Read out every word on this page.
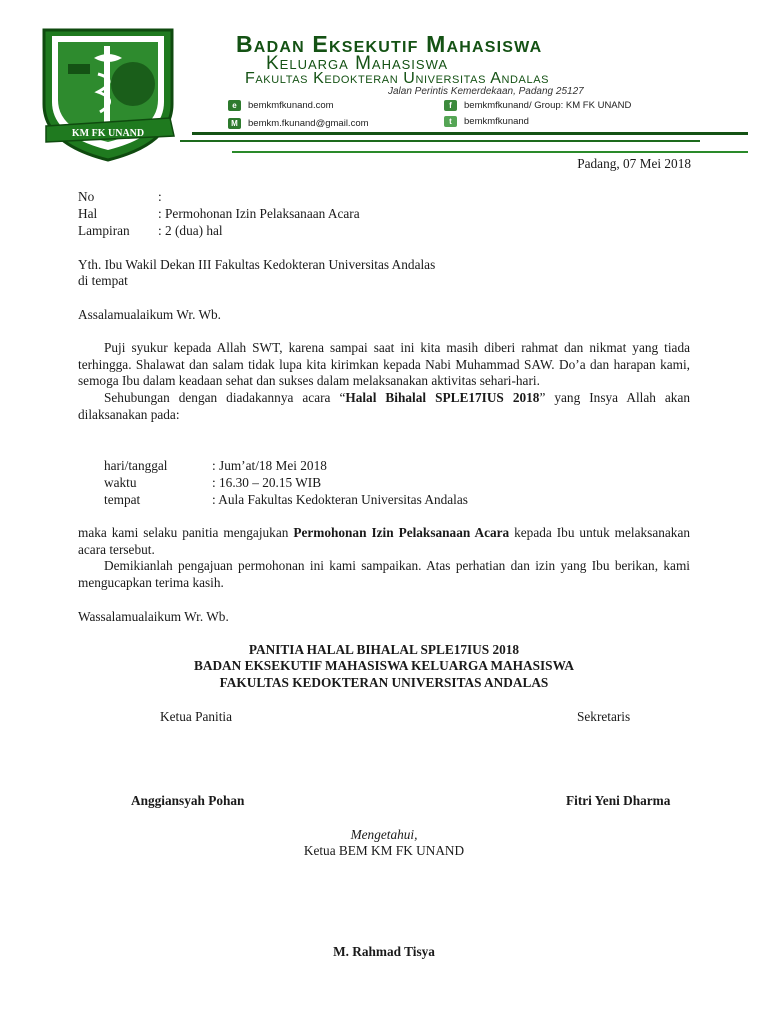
KM FK UNAND
Badan Eksekutif Mahasiswa
Keluarga Mahasiswa
Fakultas Kedokteran Universitas Andalas
Jalan Perintis Kemerdekaan, Padang 25127
e	bemkmfkunand.com
M	bemkm.fkunand@gmail.com
f	bemkmfkunand/ Group: KM FK UNAND
t	bemkmfkunand
Padang, 07 Mei 2018
No	:
Hal	: Permohonan Izin Pelaksanaan Acara
Lampiran : 2 (dua) hal
Yth. Ibu Wakil Dekan III Fakultas Kedokteran Universitas Andalas
di tempat
Assalamualaikum Wr. Wb.

Puji syukur kepada Allah SWT, karena sampai saat ini kita masih diberi rahmat dan nikmat yang tiada terhingga. Shalawat dan salam tidak lupa kita kirimkan kepada Nabi Muhammad SAW. Do’a dan harapan kami, semoga Ibu dalam keadaan sehat dan sukses dalam melaksanakan aktivitas sehari-hari.

Sehubungan dengan diadakannya acara “Halal Bihalal SPLE17IUS 2018” yang Insya Allah akan dilaksanakan pada:

hari/tanggal	: Jum’at/18 Mei 2018
waktu	: 16.30 – 20.15 WIB
tempat	: Aula Fakultas Kedokteran Universitas Andalas

maka kami selaku panitia mengajukan Permohonan Izin Pelaksanaan Acara kepada Ibu untuk melaksanakan acara tersebut.

Demikianlah pengajuan permohonan ini kami sampaikan. Atas perhatian dan izin yang Ibu berikan, kami mengucapkan terima kasih.

Wassalamualaikum Wr. Wb.
PANITIA HALAL BIHALAL SPLE17IUS 2018
BADAN EKSEKUTIF MAHASISWA KELUARGA MAHASISWA
FAKULTAS KEDOKTERAN UNIVERSITAS ANDALAS
Ketua Panitia	Sekretaris
Anggiansyah Pohan	Fitri Yeni Dharma
Mengetahui,
Ketua BEM KM FK UNAND
M. Rahmad Tisya
